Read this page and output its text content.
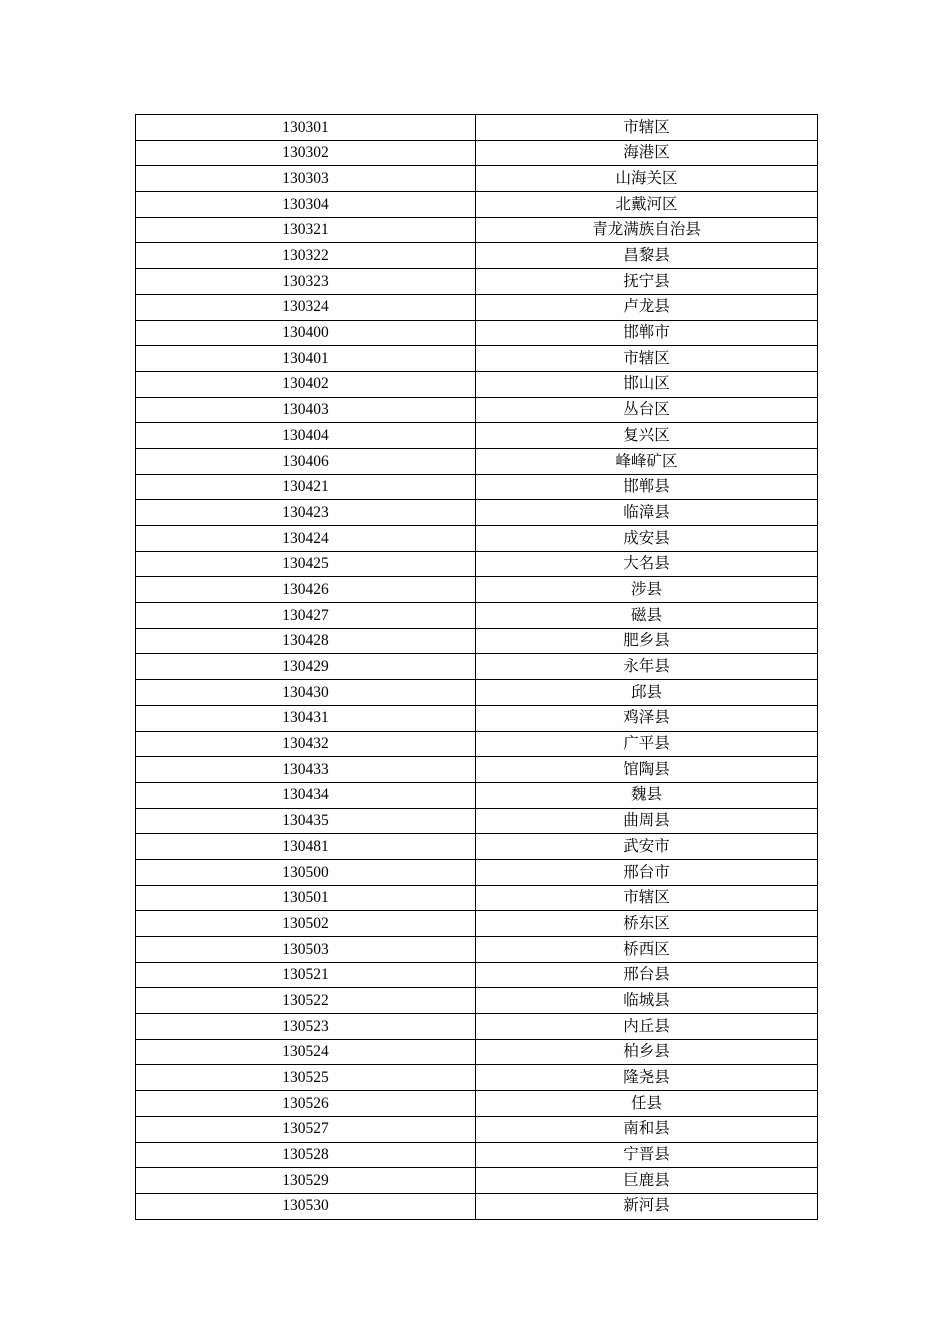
130301	市辖区
130302	海港区
130303	山海关区
130304	北戴河区
130321	青龙满族自治县
130322	昌黎县
130323	抚宁县
130324	卢龙县
130400	邯郸市
130401	市辖区
130402	邯山区
130403	丛台区
130404	复兴区
130406	峰峰矿区
130421	邯郸县
130423	临漳县
130424	成安县
130425	大名县
130426	涉县
130427	磁县
130428	肥乡县
130429	永年县
130430	邱县
130431	鸡泽县
130432	广平县
130433	馆陶县
130434	魏县
130435	曲周县
130481	武安市
130500	邢台市
130501	市辖区
130502	桥东区
130503	桥西区
130521	邢台县
130522	临城县
130523	内丘县
130524	柏乡县
130525	隆尧县
130526	任县
130527	南和县
130528	宁晋县
130529	巨鹿县
130530	新河县
